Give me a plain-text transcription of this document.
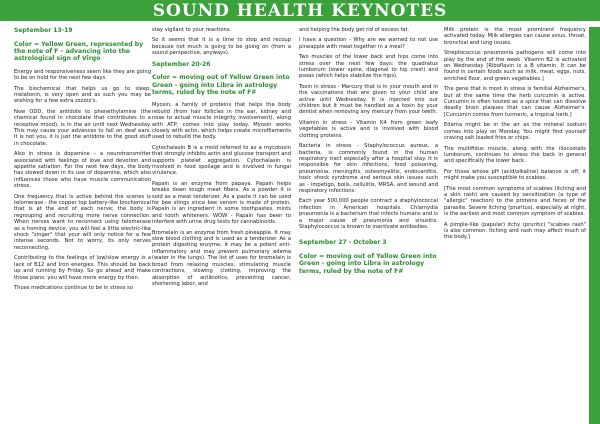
SOUND HEALTH KEYNOTES

September 13-19

Color = Yellow Green, represented by the note of F – advancing into the astrological sign of Virgo

Energy and responsiveness seem like they are going to be on hold for the next few days.

The biochemical that helps us go to sleep, melatonin, is very open and as such you may be wishing for a few extra zzzzzz's.

Now ODD, the antidote to phenethylamine (the chemical found in chocolate that contributes to a receptive mood), is in the air until next Wednesday. This may cause your advances to fall on deaf ears. It is not you, it is just the antidote to the good stuff in chocolate.

Also in stress is dopamine – a neurotransmitter associated with feelings of love and devotion and appetite satiation. For the next few days, the body has slowed down in its use of dopamine, which also influences those who have muscle communication stress.

One frequency that is active behind the scenes is telomerase - the copper top battery-like biochemical that is at the end of each nerve; the body is regrouping and recruiting more nerve connection. When nerves want to reconnect using telomerase as a homing device, you will feel a little electric-like shock "zinger" that your will only notice for a few intense seconds. Not to worry, its only nerves reconnecting.

Contributing to the feelings of low/slow energy is a lack of B12 and Iron energies. This should be back up and running by Friday. So go ahead and make those plans: you will have more energy by then.

Those medications continue to be in stress so

stay vigilant to your reactions.

So it seems that it is a time to stop and recoup because not much is going to be going on (from a sound perspective, anyways).

September 20-26

Color = moving out of Yellow Green into Green - going into Libra in astrology terms, ruled by the note of F#

Myosin, a family of proteins that helps the body rebuild (from hair follicles in the ear, kidney and nose to actual muscle integrity involvement), along with ATP, comes into play today. Myosin works closely with actin, which helps create microfilaments used to rebuild the body.

Cytochalasin B is a mold referred to as a mycotoxin that strongly inhibits actin and glucose transport and supports platelet aggregation. Cytochalasin is involved in food spoilage and is involved in fungal virulence.

Papain is an enzyme from papaya. Papain helps breaks down tough meat fibers. As a powder it is sold as a meat tenderizer. As a paste it can be used for bee stings since bee venom is made of protein. Papain is an ingredient in some toothpastes, mints and tooth whiteners. WOW - Papain has been to interfere with urine drug tests for cannabinoids.

Bromelain is an enzyme from fresh pineapple. It may slow blood clotting and is used as a tenderizer. As a protein digesting enzyme, it may be a potent anti-inflammatory and may prevent pulmonary edema (water in the lungs). The list of uses for bromelain is broad from relaxing muscles, stimulating muscle contractions, slowing clotting, improving the absorption of antibiotics, preventing cancer, shortening labor, and

and helping the body get rid of excess fat.

I have a question - Why are we warned to not use pineapple with meat together in a meal?

Two muscles of the lower back and hips come into stress over the next few days: the quadratus lumborum (lower spine, diagonal to hip crest) and psoas (which helps stabilize the hips).

Toxin in stress - Mercury that is in your mouth and in the vaccinations that are given to your child are active until Wednesday. It is injected into our children but it must be handled as a toxin by your dentist when removing any mercury from your teeth.

Vitamin in stress - Vitamin K4 from green leafy vegetables is active and is involved with blood clotting proteins.

Bacteria in stress - Staphylococcus aureus, a bacteria, is commonly found in the human respiratory tract especially after a hospital stay. It is responsible for skin infections, food poisoning, pneumonia, meningitis, osteomyelitis, endocarditis, toxic shock syndrome and serious skin issues such as - impetigo, boils, cellulitis, MRSA, and wound and respiratory infections.

Each year 500,000 people contract a staphylococcal infection in American hospitals. Chlamydia pneumonia is a bacterium that infects humans and is a major cause of pneumonia and sinusitis. Staphylococcus is known to inactivate antibodies.

September 27 - October 3

Color = moving out of Yellow Green into Green - going into Libra in astrology terms, ruled by the note of F#

Milk protein is the most prominent frequency activated today. Milk allergies can cause sinus, throat, bronchial and lung issues.

Streptococcus pneumonia pathogens will come into play by the end of the week. Vitamin B2 is activated on Wednesday [Riboflavin is a B vitamin. It can be found in certain foods such as milk, meat, eggs, nuts, enriched flour, and green vegetables.]

The gene that is most in stress is familial Alzheimer's, but at the same time the herb curcumin is active. Curcumin is often touted as a spice that can dissolve deadly brain plaques that can cause Alzheimer's. [Curcumin comes from turmeric, a tropical herb.]

Edema might be in the air as the mineral sodium comes into play on Monday. You might find yourself craving salt loaded fries or chips.

The multifidus muscle, along with the iliocostalis lumborum, continues to stress the back in general and specifically the lower back.

For those whose pH (acid/alkaline) balance is off, it might make you susceptible to scabies.

[The most common symptoms of scabies (itching and a skin rash) are caused by sensitization (a type of "allergic" reaction) to the proteins and feces of the parasite. Severe itching (pruritus), especially at night, is the earliest and most common symptom of scabies.

A pimple-like (papular) itchy (pruritic) "scabies rash" is also common. Itching and rash may affect much of the body.]
